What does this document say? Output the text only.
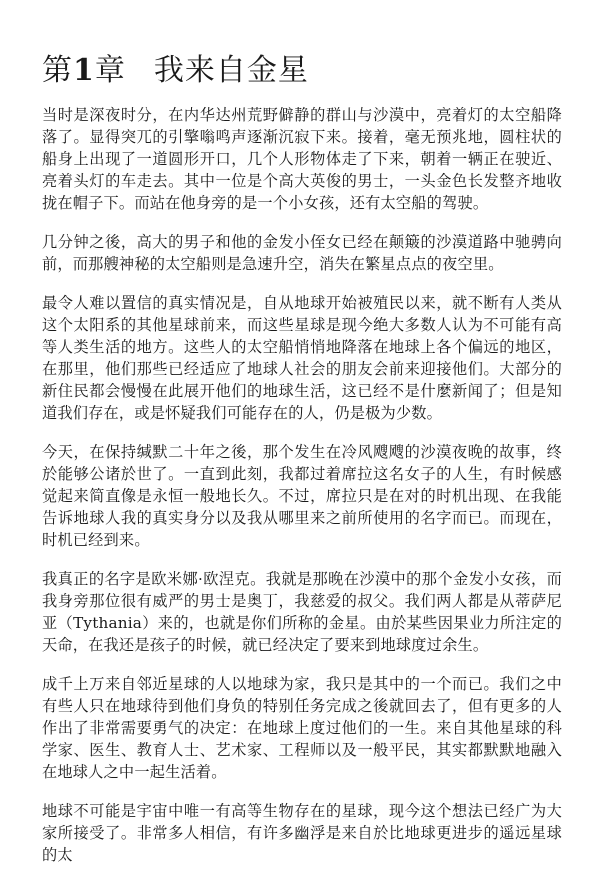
第1章 我来自金星

当时是深夜时分，在内华达州荒野僻静的群山与沙漠中，亮着灯的太空船降落了。显得突兀的引擎嗡鸣声逐渐沉寂下来。接着，毫无预兆地，圆柱状的船身上出现了一道圆形开口，几个人形物体走了下来，朝着一辆正在驶近、亮着头灯的车走去。其中一位是个高大英俊的男士，一头金色长发整齐地收拢在帽子下。而站在他身旁的是一个小女孩，还有太空船的驾驶。

几分钟之後，高大的男子和他的金发小侄女已经在颠簸的沙漠道路中驰骋向前，而那艘神秘的太空船则是急速升空，消失在繁星点点的夜空里。

最令人难以置信的真实情况是，自从地球开始被殖民以来，就不断有人类从这个太阳系的其他星球前来，而这些星球是现今绝大多数人认为不可能有高等人类生活的地方。这些人的太空船悄悄地降落在地球上各个偏远的地区，在那里，他们那些已经适应了地球人社会的朋友会前来迎接他们。大部分的新住民都会慢慢在此展开他们的地球生活，这已经不是什麼新闻了；但是知道我们存在，或是怀疑我们可能存在的人，仍是极为少数。

今天，在保持缄默二十年之後，那个发生在冷风飕飕的沙漠夜晚的故事，终於能够公诸於世了。一直到此刻，我都过着席拉这名女子的人生，有时候感觉起来简直像是永恒一般地长久。不过，席拉只是在对的时机出现、在我能告诉地球人我的真实身分以及我从哪里来之前所使用的名字而已。而现在，时机已经到来。

我真正的名字是欧米娜·欧涅克。我就是那晚在沙漠中的那个金发小女孩，而我身旁那位很有威严的男士是奥丁，我慈爱的叔父。我们两人都是从蒂萨尼亚（Tythania）来的，也就是你们所称的金星。由於某些因果业力所注定的天命，在我还是孩子的时候，就已经决定了要来到地球度过余生。

成千上万来自邻近星球的人以地球为家，我只是其中的一个而已。我们之中有些人只在地球待到他们身负的特别任务完成之後就回去了，但有更多的人作出了非常需要勇气的决定：在地球上度过他们的一生。来自其他星球的科学家、医生、教育人士、艺术家、工程师以及一般平民，其实都默默地融入在地球人之中一起生活着。

地球不可能是宇宙中唯一有高等生物存在的星球，现今这个想法已经广为大家所接受了。非常多人相信，有许多幽浮是来自於比地球更进步的遥远星球的太
